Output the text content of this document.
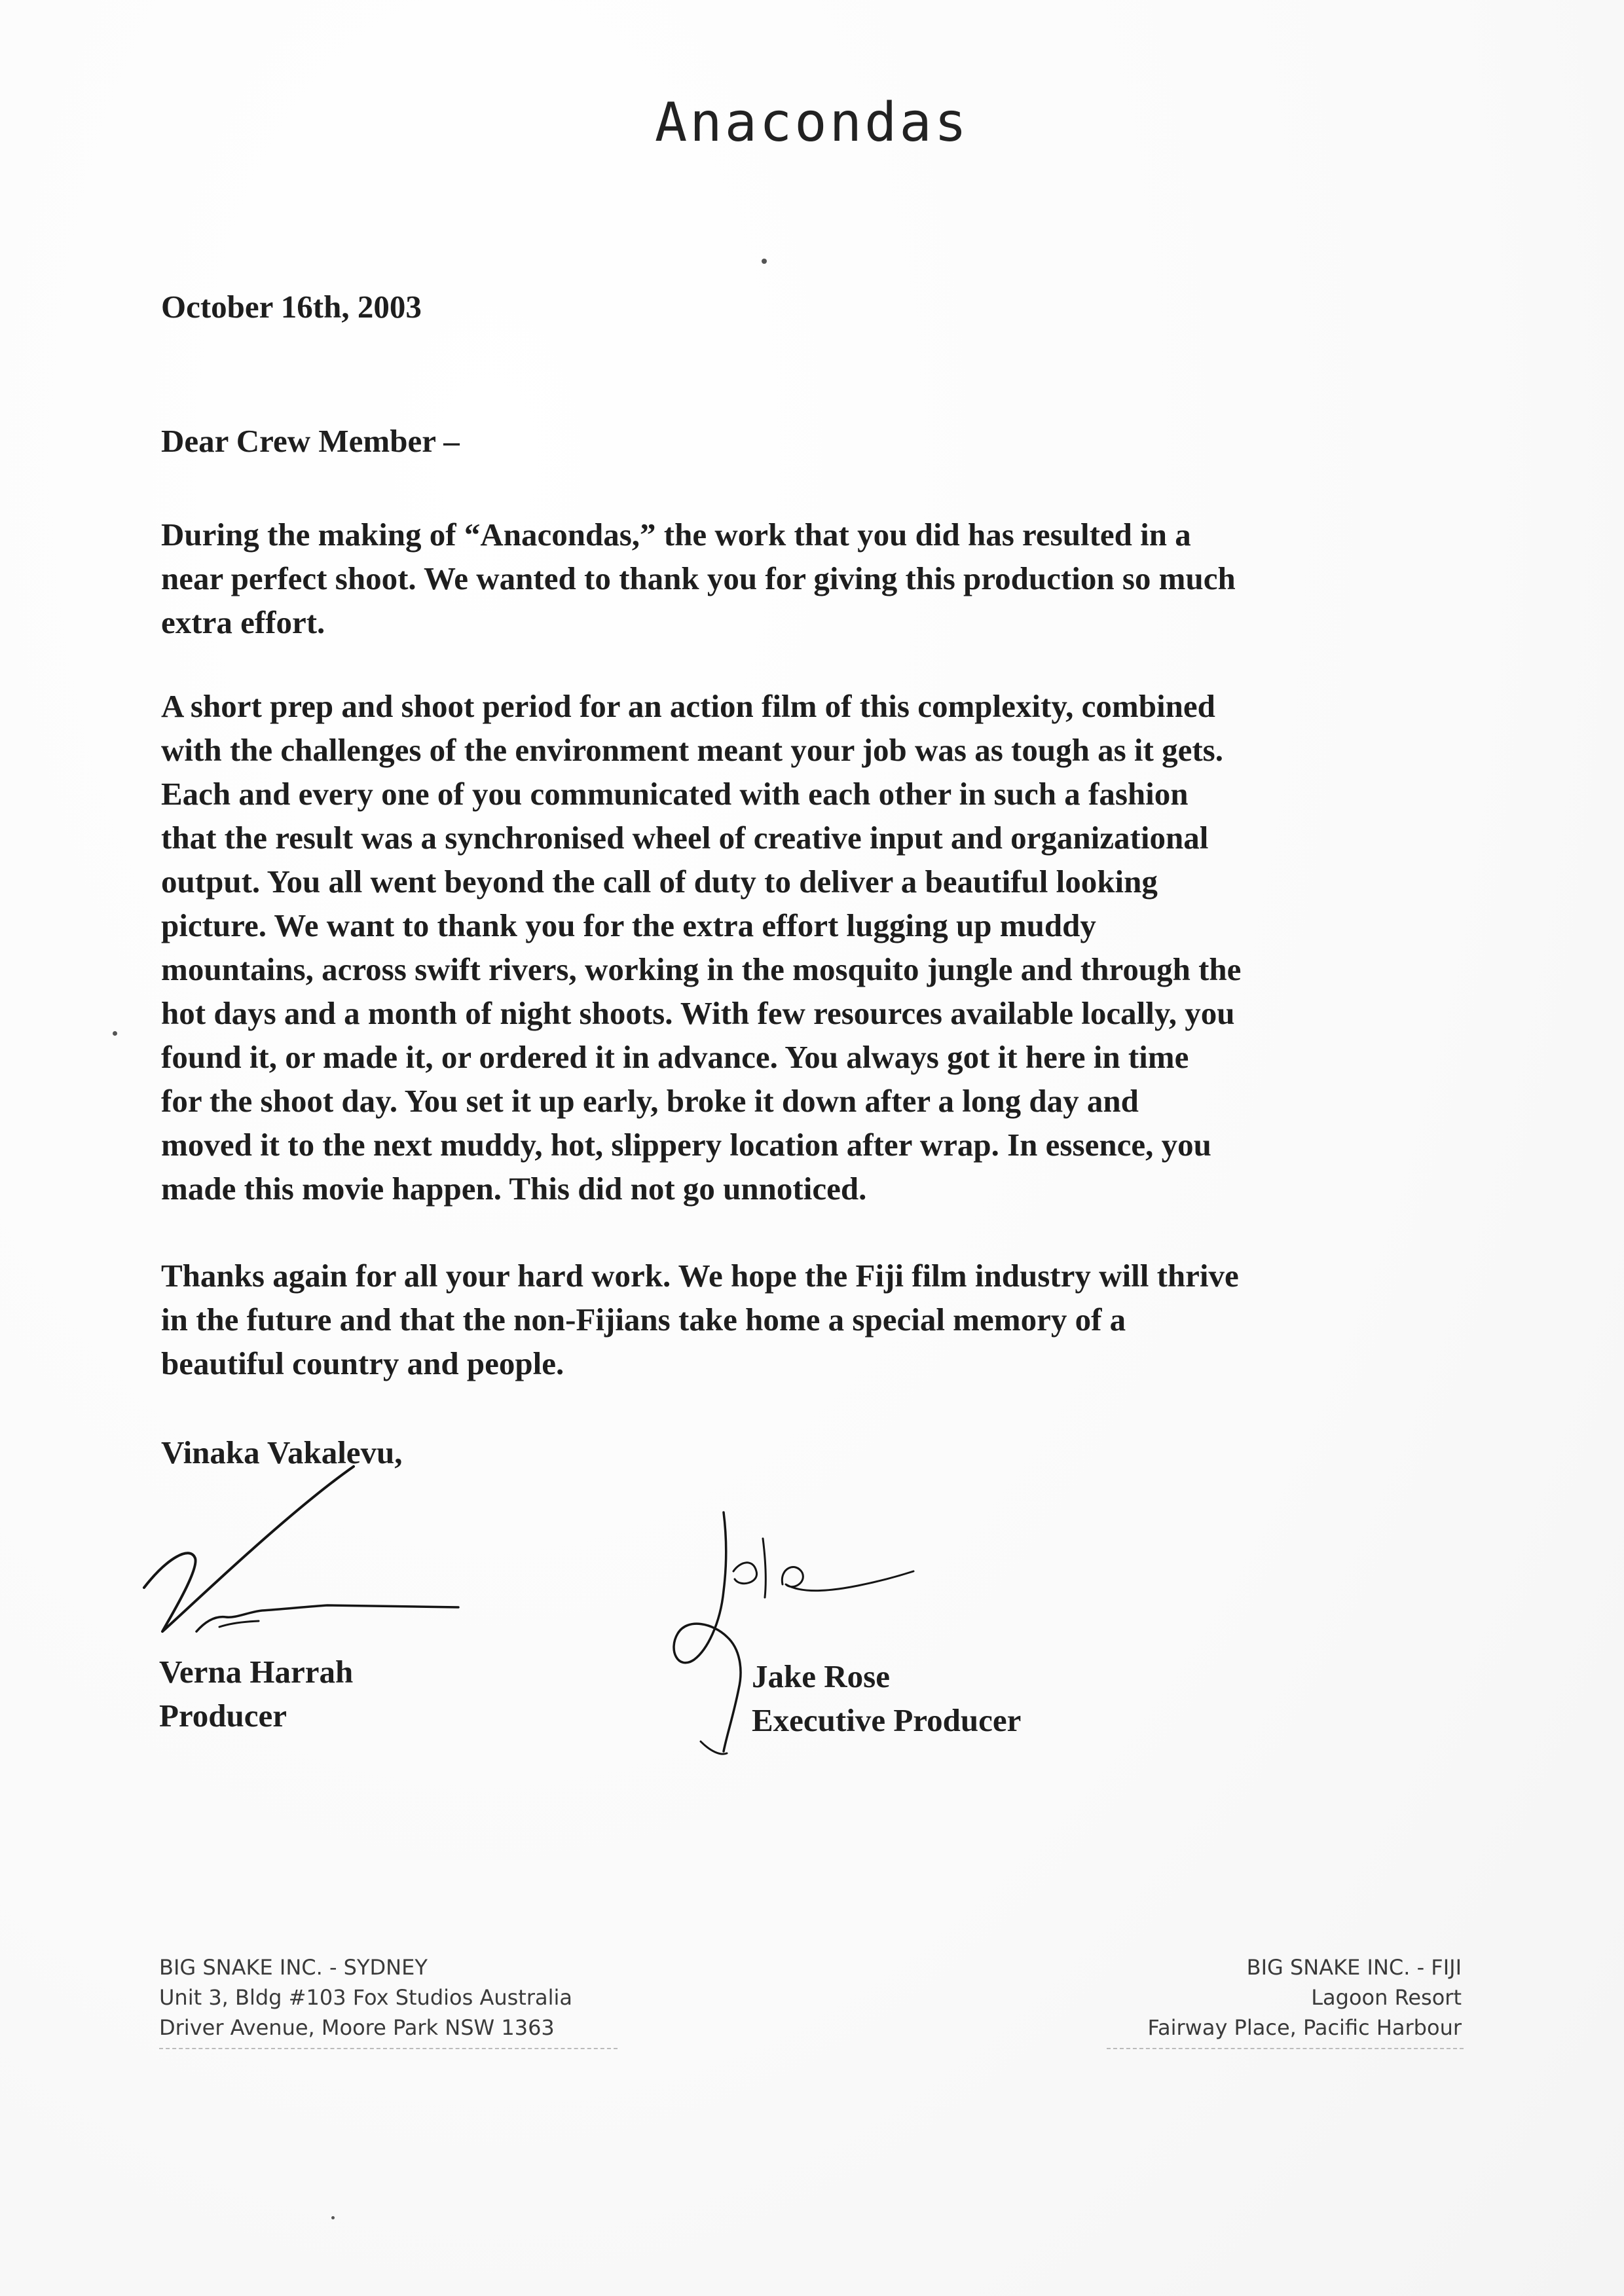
Anacondas
October 16th, 2003
Dear Crew Member –
During the making of “Anacondas,” the work that you did has resulted in a
near perfect shoot. We wanted to thank you for giving this production so much
extra effort.
A short prep and shoot period for an action film of this complexity, combined
with the challenges of the environment meant your job was as tough as it gets.
Each and every one of you communicated with each other in such a fashion
that the result was a synchronised wheel of creative input and organizational
output. You all went beyond the call of duty to deliver a beautiful looking
picture. We want to thank you for the extra effort lugging up muddy
mountains, across swift rivers, working in the mosquito jungle and through the
hot days and a month of night shoots. With few resources available locally, you
found it, or made it, or ordered it in advance. You always got it here in time
for the shoot day. You set it up early, broke it down after a long day and
moved it to the next muddy, hot, slippery location after wrap. In essence, you
made this movie happen. This did not go unnoticed.
Thanks again for all your hard work. We hope the Fiji film industry will thrive
in the future and that the non-Fijians take home a special memory of a
beautiful country and people.
Vinaka Vakalevu,
Verna Harrah
Producer
Jake Rose
Executive Producer
BIG SNAKE INC. - SYDNEY
Unit 3, Bldg #103 Fox Studios Australia
Driver Avenue, Moore Park NSW 1363
BIG SNAKE INC. - FIJI
Lagoon Resort
Fairway Place, Pacific Harbour
